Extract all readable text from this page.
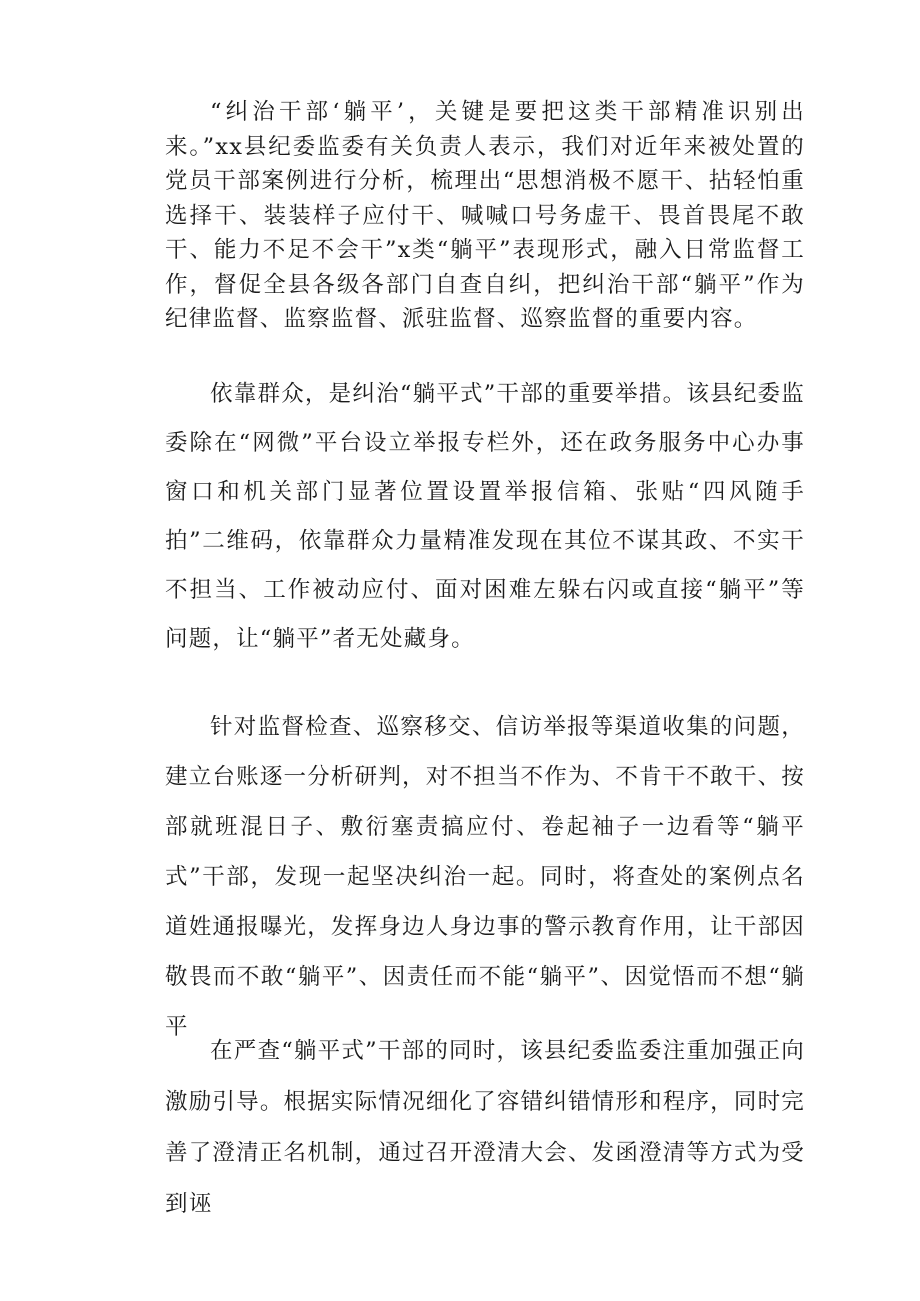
“纠治干部‘躺平’，关键是要把这类干部精准识别出来。”xx县纪委监委有关负责人表示，我们对近年来被处置的党员干部案例进行分析，梳理出“思想消极不愿干、拈轻怕重选择干、装装样子应付干、喊喊口号务虚干、畏首畏尾不敢干、能力不足不会干”x类“躺平”表现形式，融入日常监督工作，督促全县各级各部门自查自纠，把纠治干部“躺平”作为纪律监督、监察监督、派驻监督、巡察监督的重要内容。

依靠群众，是纠治“躺平式”干部的重要举措。该县纪委监委除在“网微”平台设立举报专栏外，还在政务服务中心办事窗口和机关部门显著位置设置举报信箱、张贴“四风随手拍”二维码，依靠群众力量精准发现在其位不谋其政、不实干不担当、工作被动应付、面对困难左躲右闪或直接“躺平”等问题，让“躺平”者无处藏身。

针对监督检查、巡察移交、信访举报等渠道收集的问题，建立台账逐一分析研判，对不担当不作为、不肯干不敢干、按部就班混日子、敷衍塞责搞应付、卷起袖子一边看等“躺平式”干部，发现一起坚决纠治一起。同时，将查处的案例点名道姓通报曝光，发挥身边人身边事的警示教育作用，让干部因敬畏而不敢“躺平”、因责任而不能“躺平”、因觉悟而不想“躺平

在严查“躺平式”干部的同时，该县纪委监委注重加强正向激励引导。根据实际情况细化了容错纠错情形和程序，同时完善了澄清正名机制，通过召开澄清大会、发函澄清等方式为受到诬
